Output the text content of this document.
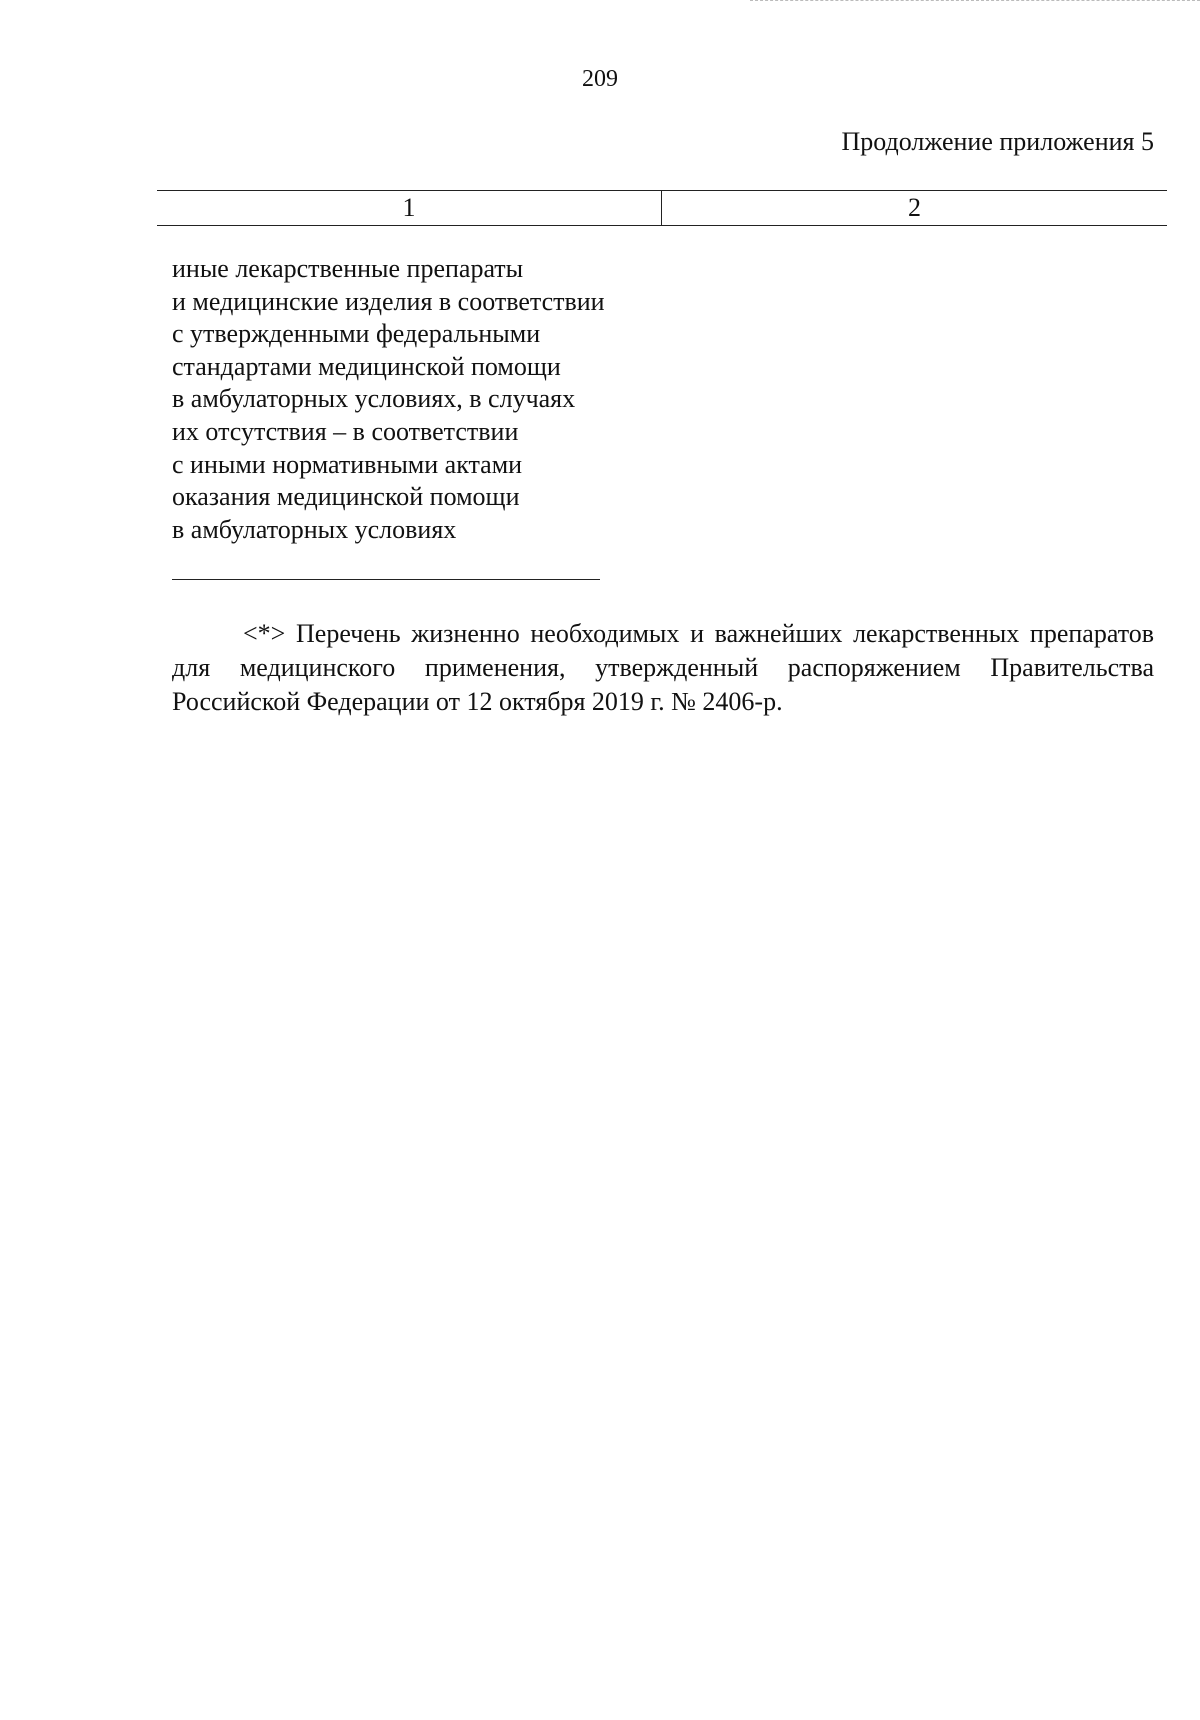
209
Продолжение приложения 5
1	2
иные лекарственные препараты
и медицинские изделия в соответствии
с утвержденными федеральными
стандартами медицинской помощи
в амбулаторных условиях, в случаях
их отсутствия – в соответствии
с иными нормативными актами
оказания медицинской помощи
в амбулаторных условиях
<*> Перечень жизненно необходимых и важнейших лекарственных препаратов для медицинского применения, утвержденный распоряжением Правительства Российской Федерации от 12 октября 2019 г. № 2406-р.
